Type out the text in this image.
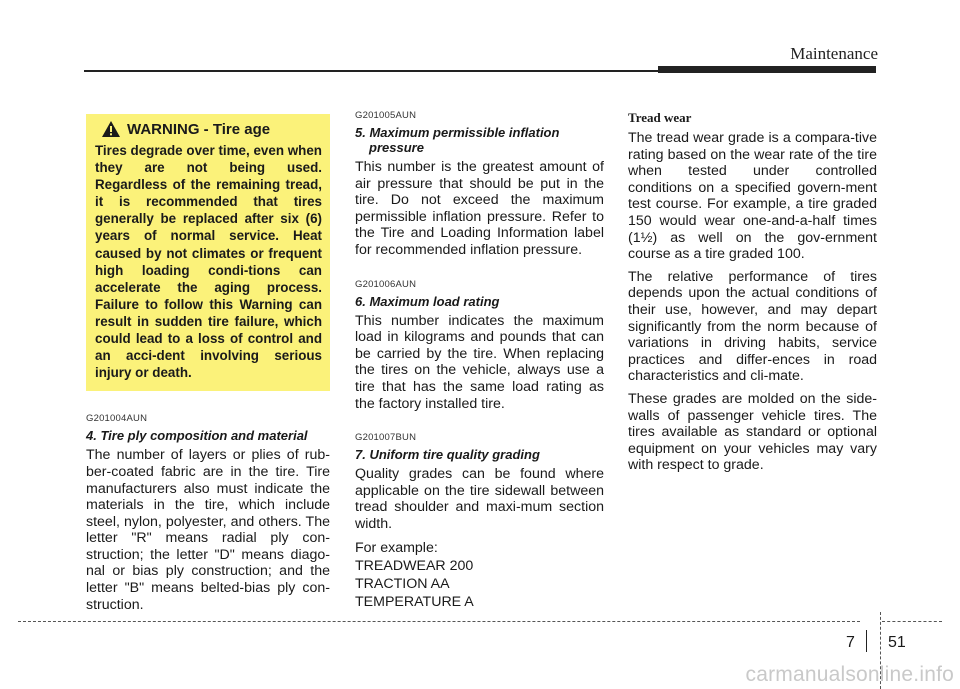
Maintenance
WARNING - Tire age
Tires degrade over time, even when they are not being used. Regardless of the remaining tread, it is recommended that tires generally be replaced after six (6) years of normal service. Heat caused by not climates or frequent high loading condi-tions can accelerate the aging process. Failure to follow this Warning can result in sudden tire failure, which could lead to a loss of control and an acci-dent involving serious injury or death.
G201004AUN
4. Tire ply composition and material
The number of layers or plies of rub-ber-coated fabric are in the tire. Tire manufacturers also must indicate the materials in the tire, which include steel, nylon, polyester, and others. The letter "R" means radial ply con-struction; the letter "D" means diago-nal or bias ply construction; and the letter "B" means belted-bias ply con-struction.
G201005AUN
5. Maximum permissible inflation
pressure
This number is the greatest amount of air pressure that should be put in the tire. Do not exceed the maximum permissible inflation pressure. Refer to the Tire and Loading Information label for recommended inflation pressure.
G201006AUN
6. Maximum load rating
This number indicates the maximum load in kilograms and pounds that can be carried by the tire. When replacing the tires on the vehicle, always use a tire that has the same load rating as the factory installed tire.
G201007BUN
7. Uniform tire quality grading
Quality grades can be found where applicable on the tire sidewall between tread shoulder and maxi-mum section width.
For example:
TREADWEAR 200
TRACTION AA
TEMPERATURE A
Tread wear
The tread wear grade is a compara-tive rating based on the wear rate of the tire when tested under controlled conditions on a specified govern-ment test course. For example, a tire graded 150 would wear one-and-a-half times (1½) as well on the gov-ernment course as a tire graded 100.
The relative performance of tires depends upon the actual conditions of their use, however, and may depart significantly from the norm because of variations in driving habits, service practices and differ-ences in road characteristics and cli-mate.
These grades are molded on the side-walls of passenger vehicle tires. The tires available as standard or optional equipment on your vehicles may vary with respect to grade.
7 51
carmanualsonline.info
